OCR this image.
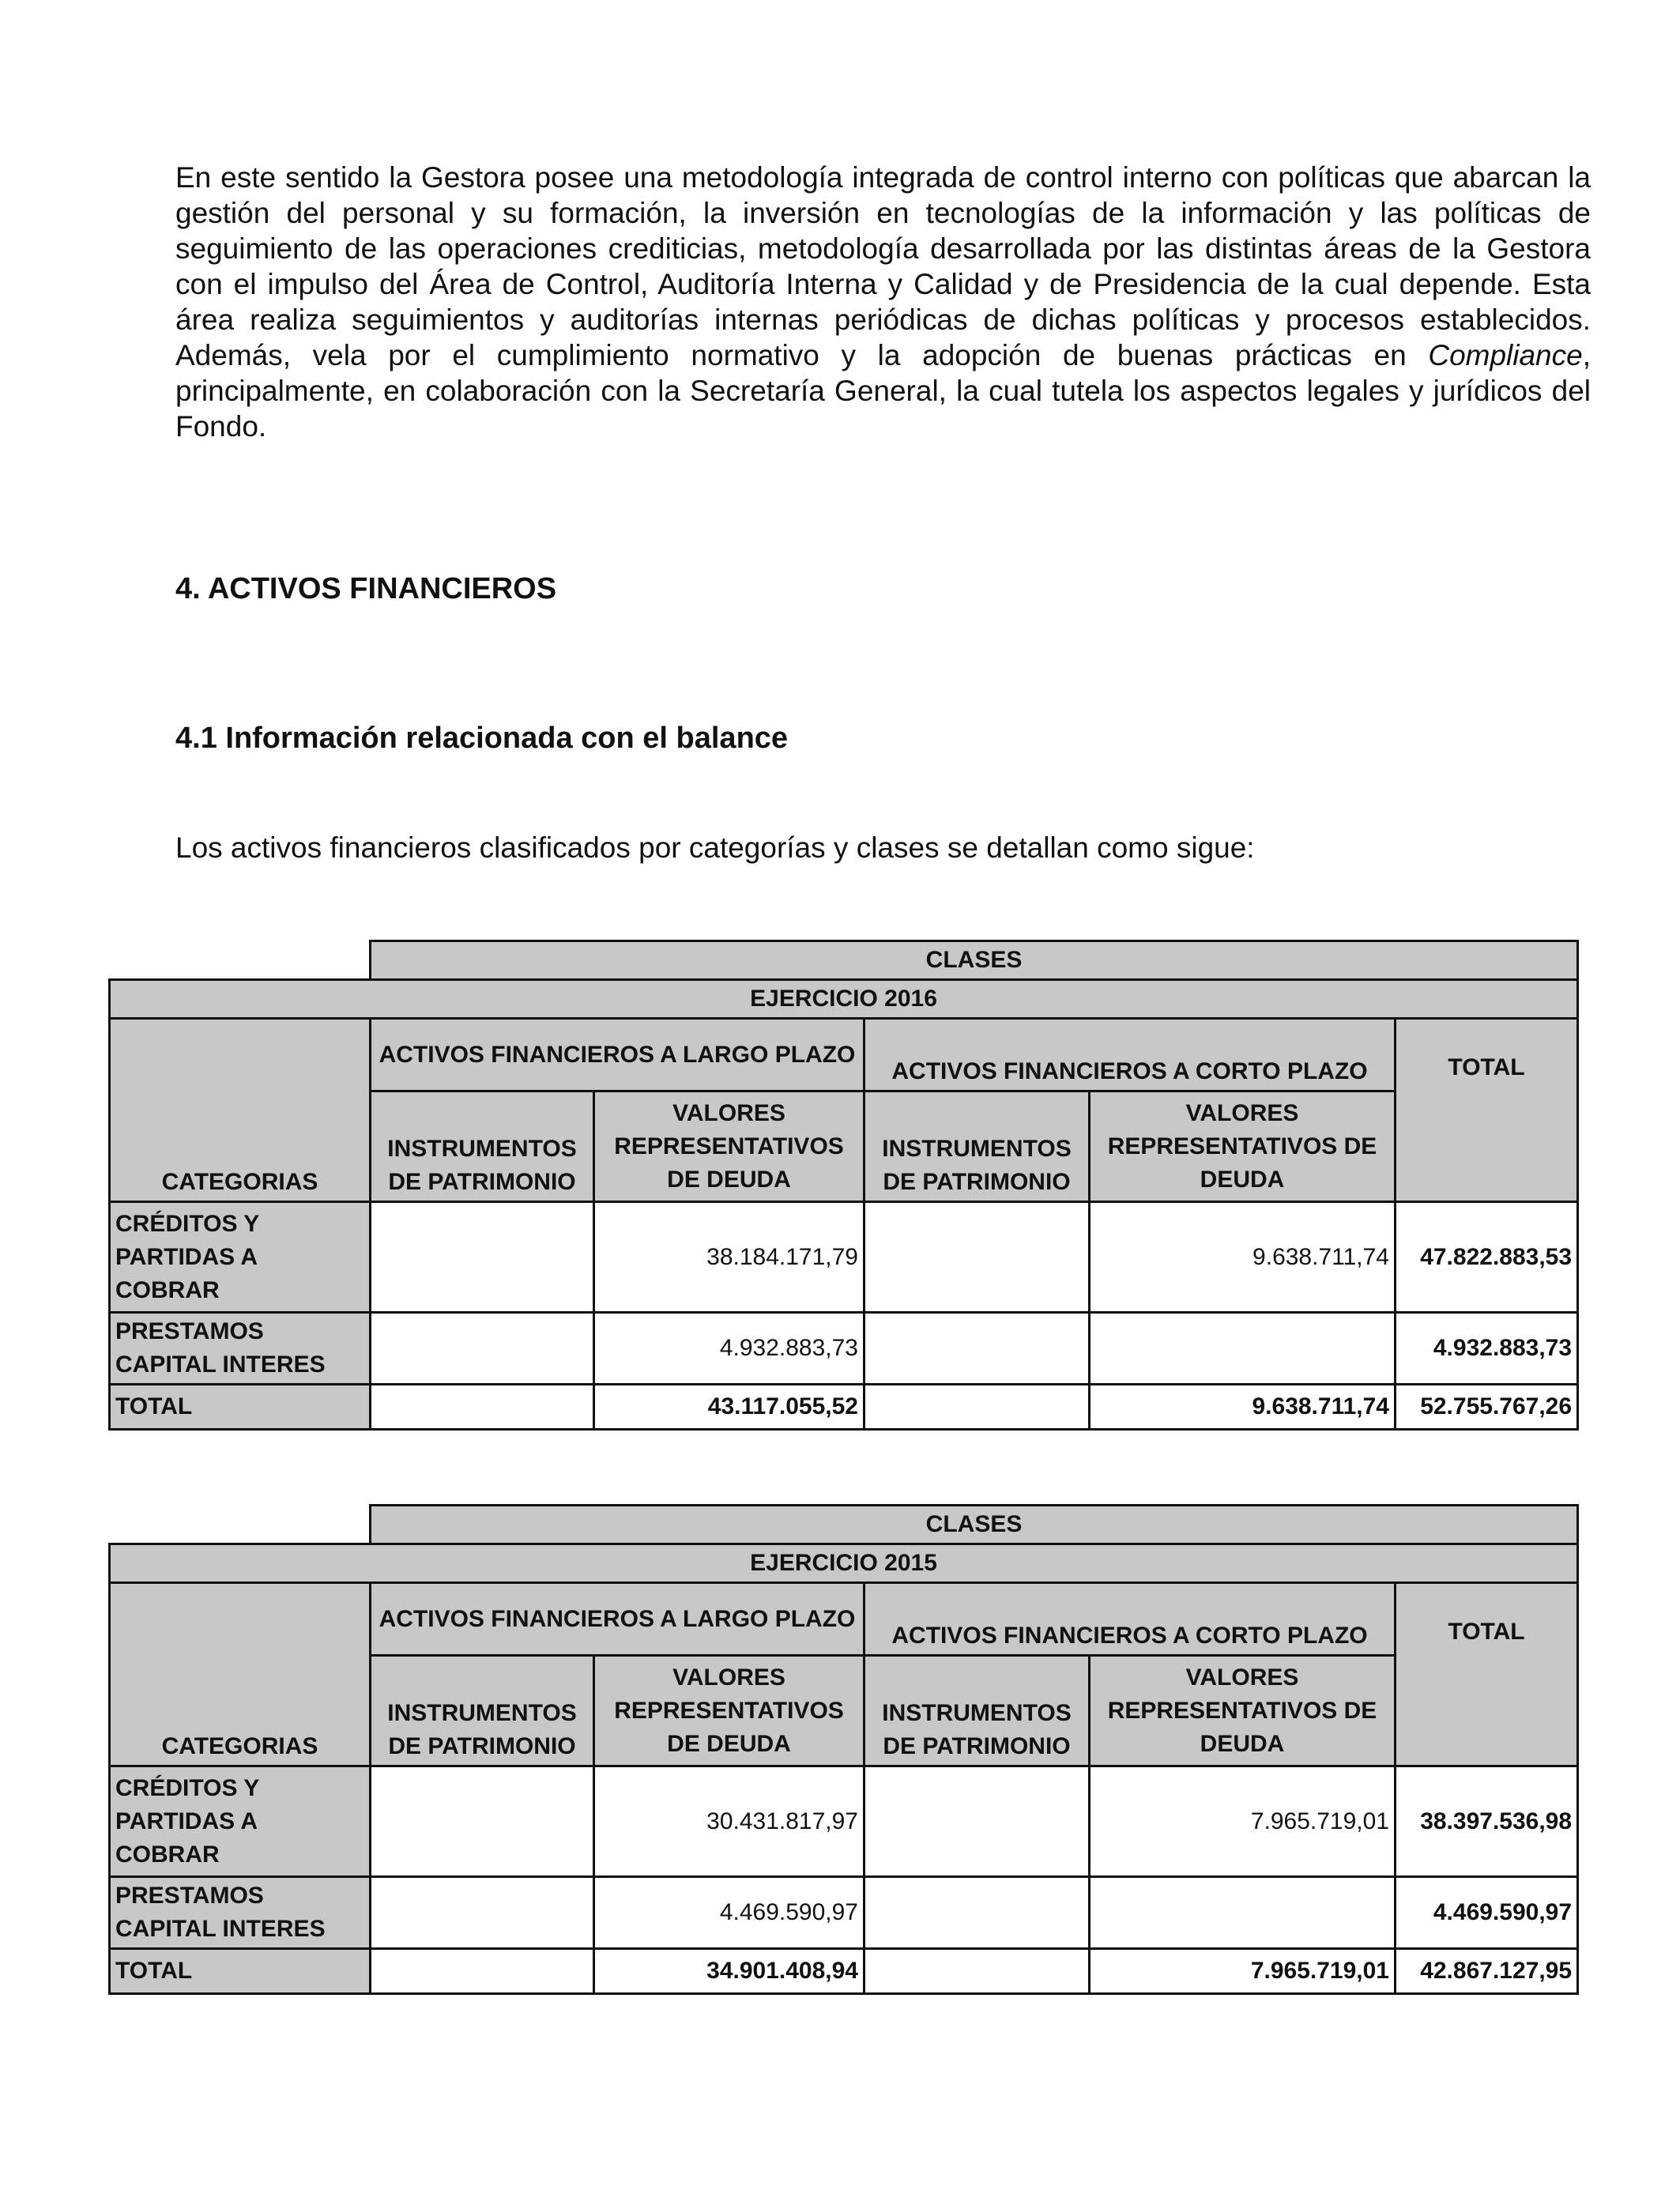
En este sentido la Gestora posee una metodología integrada de control interno con políticas que abarcan la gestión del personal y su formación, la inversión en tecnologías de la información y las políticas de seguimiento de las operaciones crediticias, metodología desarrollada por las distintas áreas de la Gestora con el impulso del Área de Control, Auditoría Interna y Calidad y de Presidencia de la cual depende. Esta área realiza seguimientos y auditorías internas periódicas de dichas políticas y procesos establecidos. Además, vela por el cumplimiento normativo y la adopción de buenas prácticas en Compliance, principalmente, en colaboración con la Secretaría General, la cual tutela los aspectos legales y jurídicos del Fondo.

4. ACTIVOS FINANCIEROS
4.1 Información relacionada con el balance

Los activos financieros clasificados por categorías y clases se detallan como sigue:

	CLASES				
EJERCICIO 2016					
CATEGORIAS	ACTIVOS FINANCIEROS A LARGO PLAZO		ACTIVOS FINANCIEROS A CORTO PLAZO		TOTAL
	INSTRUMENTOS DE PATRIMONIO	VALORES REPRESENTATIVOS DE DEUDA	INSTRUMENTOS DE PATRIMONIO	VALORES REPRESENTATIVOS DE DEUDA	
CRÉDITOS Y PARTIDAS A COBRAR		38.184.171,79		9.638.711,74	47.822.883,53
PRESTAMOS CAPITAL INTERES		4.932.883,73			4.932.883,73
TOTAL		43.117.055,52		9.638.711,74	52.755.767,26
	CLASES				
EJERCICIO 2015					
CATEGORIAS	ACTIVOS FINANCIEROS A LARGO PLAZO		ACTIVOS FINANCIEROS A CORTO PLAZO		TOTAL
	INSTRUMENTOS DE PATRIMONIO	VALORES REPRESENTATIVOS DE DEUDA	INSTRUMENTOS DE PATRIMONIO	VALORES REPRESENTATIVOS DE DEUDA	
CRÉDITOS Y PARTIDAS A COBRAR		30.431.817,97		7.965.719,01	38.397.536,98
PRESTAMOS CAPITAL INTERES		4.469.590,97			4.469.590,97
TOTAL		34.901.408,94		7.965.719,01	42.867.127,95
